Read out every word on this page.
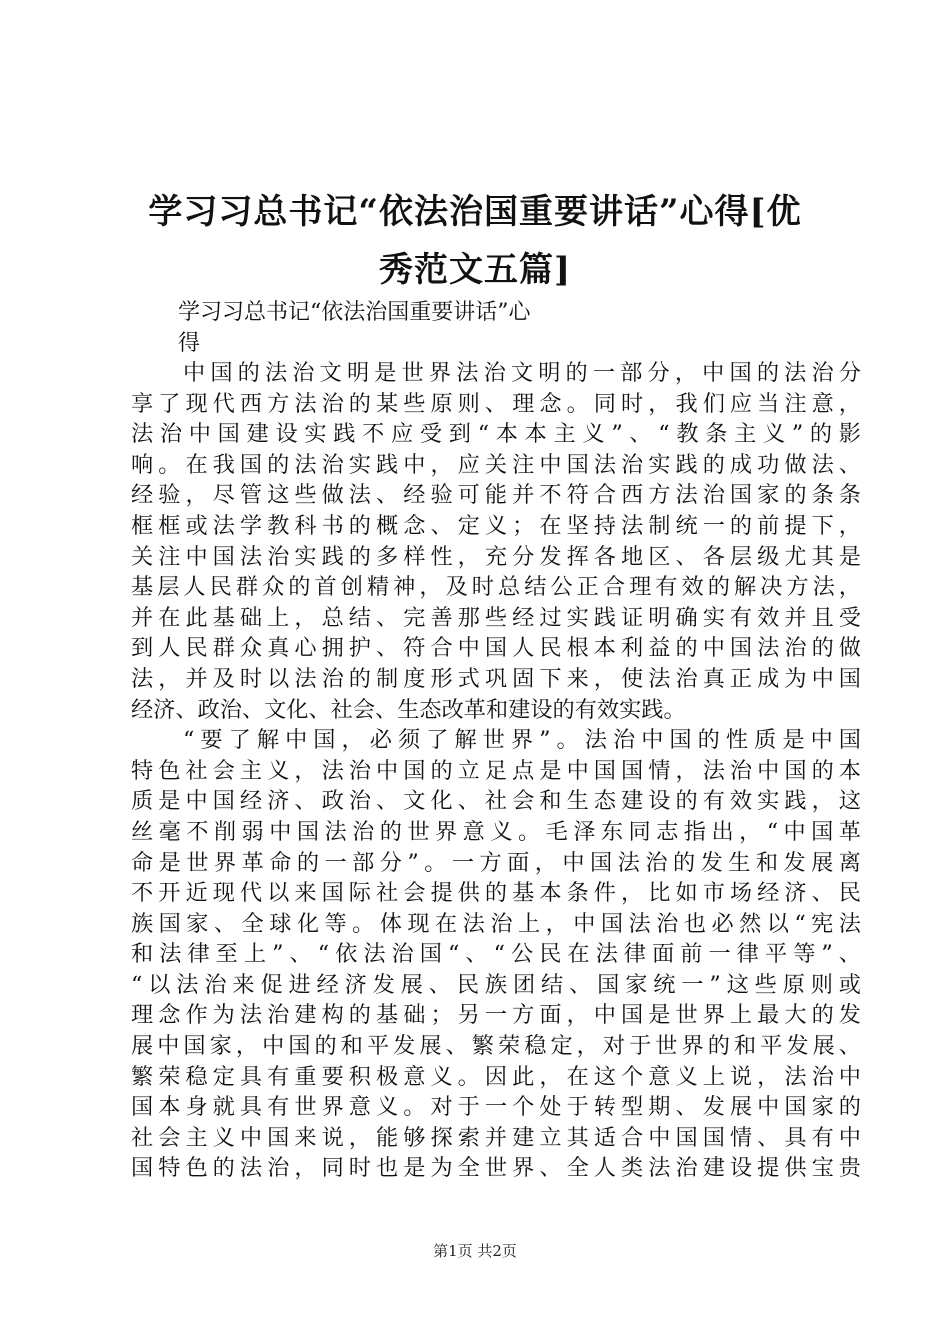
学习习总书记“依法治国重要讲话”心得[优
秀范文五篇]
学习习总书记“依法治国重要讲话”心
得
中国的法治文明是世界法治文明的一部分，中国的法治分
享了现代西方法治的某些原则、理念。同时，我们应当注意，
法治中国建设实践不应受到“本本主义”、“教条主义”的影
响。在我国的法治实践中，应关注中国法治实践的成功做法、
经验，尽管这些做法、经验可能并不符合西方法治国家的条条
框框或法学教科书的概念、定义；在坚持法制统一的前提下，
关注中国法治实践的多样性，充分发挥各地区、各层级尤其是
基层人民群众的首创精神，及时总结公正合理有效的解决方法，
并在此基础上，总结、完善那些经过实践证明确实有效并且受
到人民群众真心拥护、符合中国人民根本利益的中国法治的做
法，并及时以法治的制度形式巩固下来，使法治真正成为中国
经济、政治、文化、社会、生态改革和建设的有效实践。
“要了解中国，必须了解世界”。法治中国的性质是中国
特色社会主义，法治中国的立足点是中国国情，法治中国的本
质是中国经济、政治、文化、社会和生态建设的有效实践，这
丝毫不削弱中国法治的世界意义。毛泽东同志指出，“中国革
命是世界革命的一部分”。一方面，中国法治的发生和发展离
不开近现代以来国际社会提供的基本条件，比如市场经济、民
族国家、全球化等。体现在法治上，中国法治也必然以“宪法
和法律至上”、“依法治国“、“公民在法律面前一律平等”、
“以法治来促进经济发展、民族团结、国家统一”这些原则或
理念作为法治建构的基础；另一方面，中国是世界上最大的发
展中国家，中国的和平发展、繁荣稳定，对于世界的和平发展、
繁荣稳定具有重要积极意义。因此，在这个意义上说，法治中
国本身就具有世界意义。对于一个处于转型期、发展中国家的
社会主义中国来说，能够探索并建立其适合中国国情、具有中
国特色的法治，同时也是为全世界、全人类法治建设提供宝贵
第1页 共2页
